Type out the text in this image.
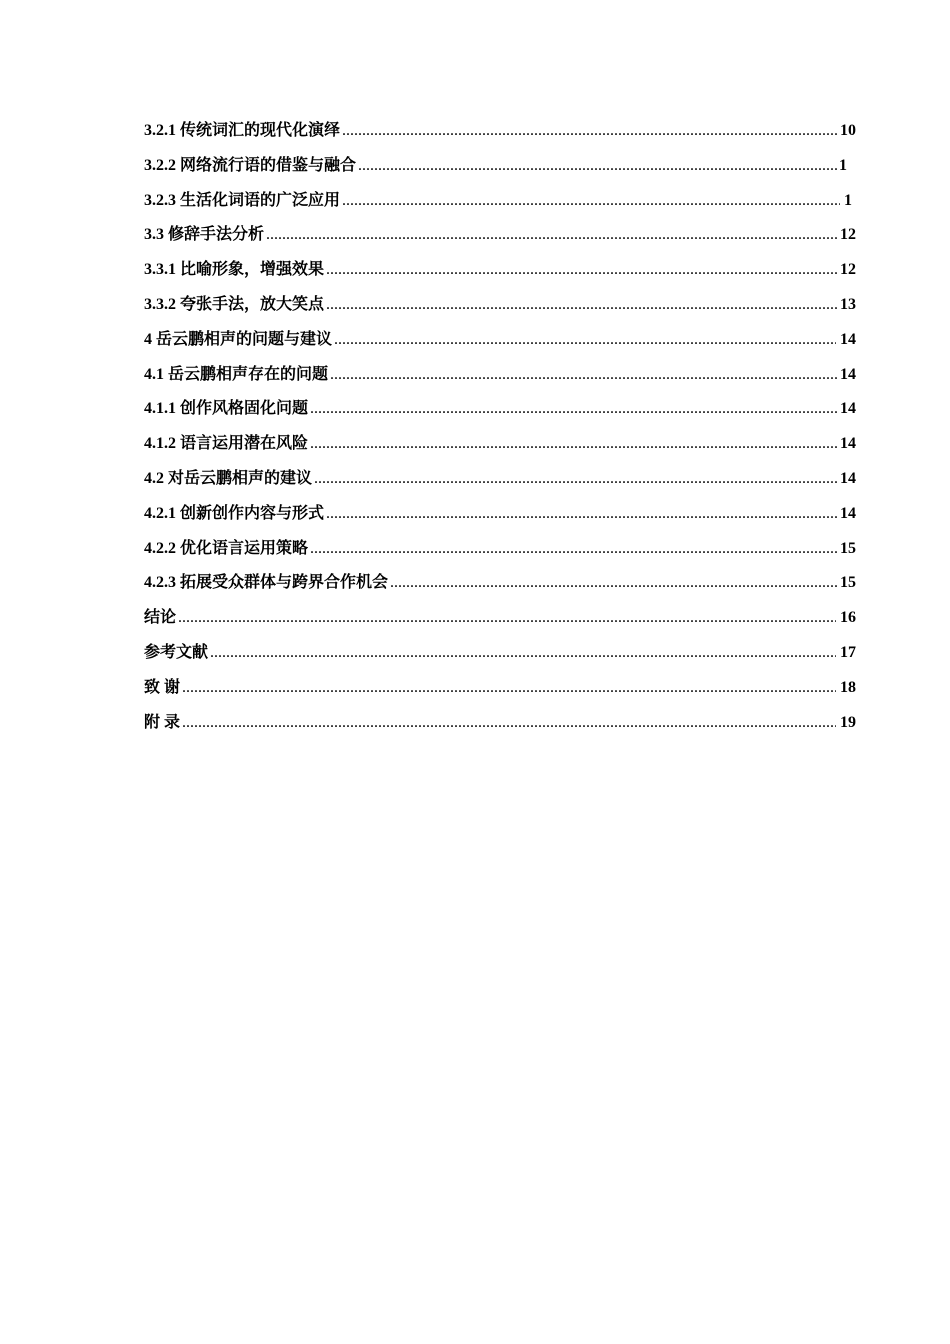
3.2.1 传统词汇的现代化演绎 .....	10
3.2.2 网络流行语的借鉴与融合 .....	1
3.2.3 生活化词语的广泛应用 .....	1
3.3 修辞手法分析 .....	12
3.3.1 比喻形象，增强效果 .....	12
3.3.2 夸张手法，放大笑点 .....	13
4 岳云鹏相声的问题与建议 .....	14
4.1 岳云鹏相声存在的问题 .....	14
4.1.1 创作风格固化问题 .....	14
4.1.2 语言运用潜在风险 .....	14
4.2 对岳云鹏相声的建议 .....	14
4.2.1 创新创作内容与形式 .....	14
4.2.2 优化语言运用策略 .....	15
4.2.3 拓展受众群体与跨界合作机会 .....	15
结论 .....	16
参考文献 .....	17
致 谢 .....	18
附 录 .....	19
